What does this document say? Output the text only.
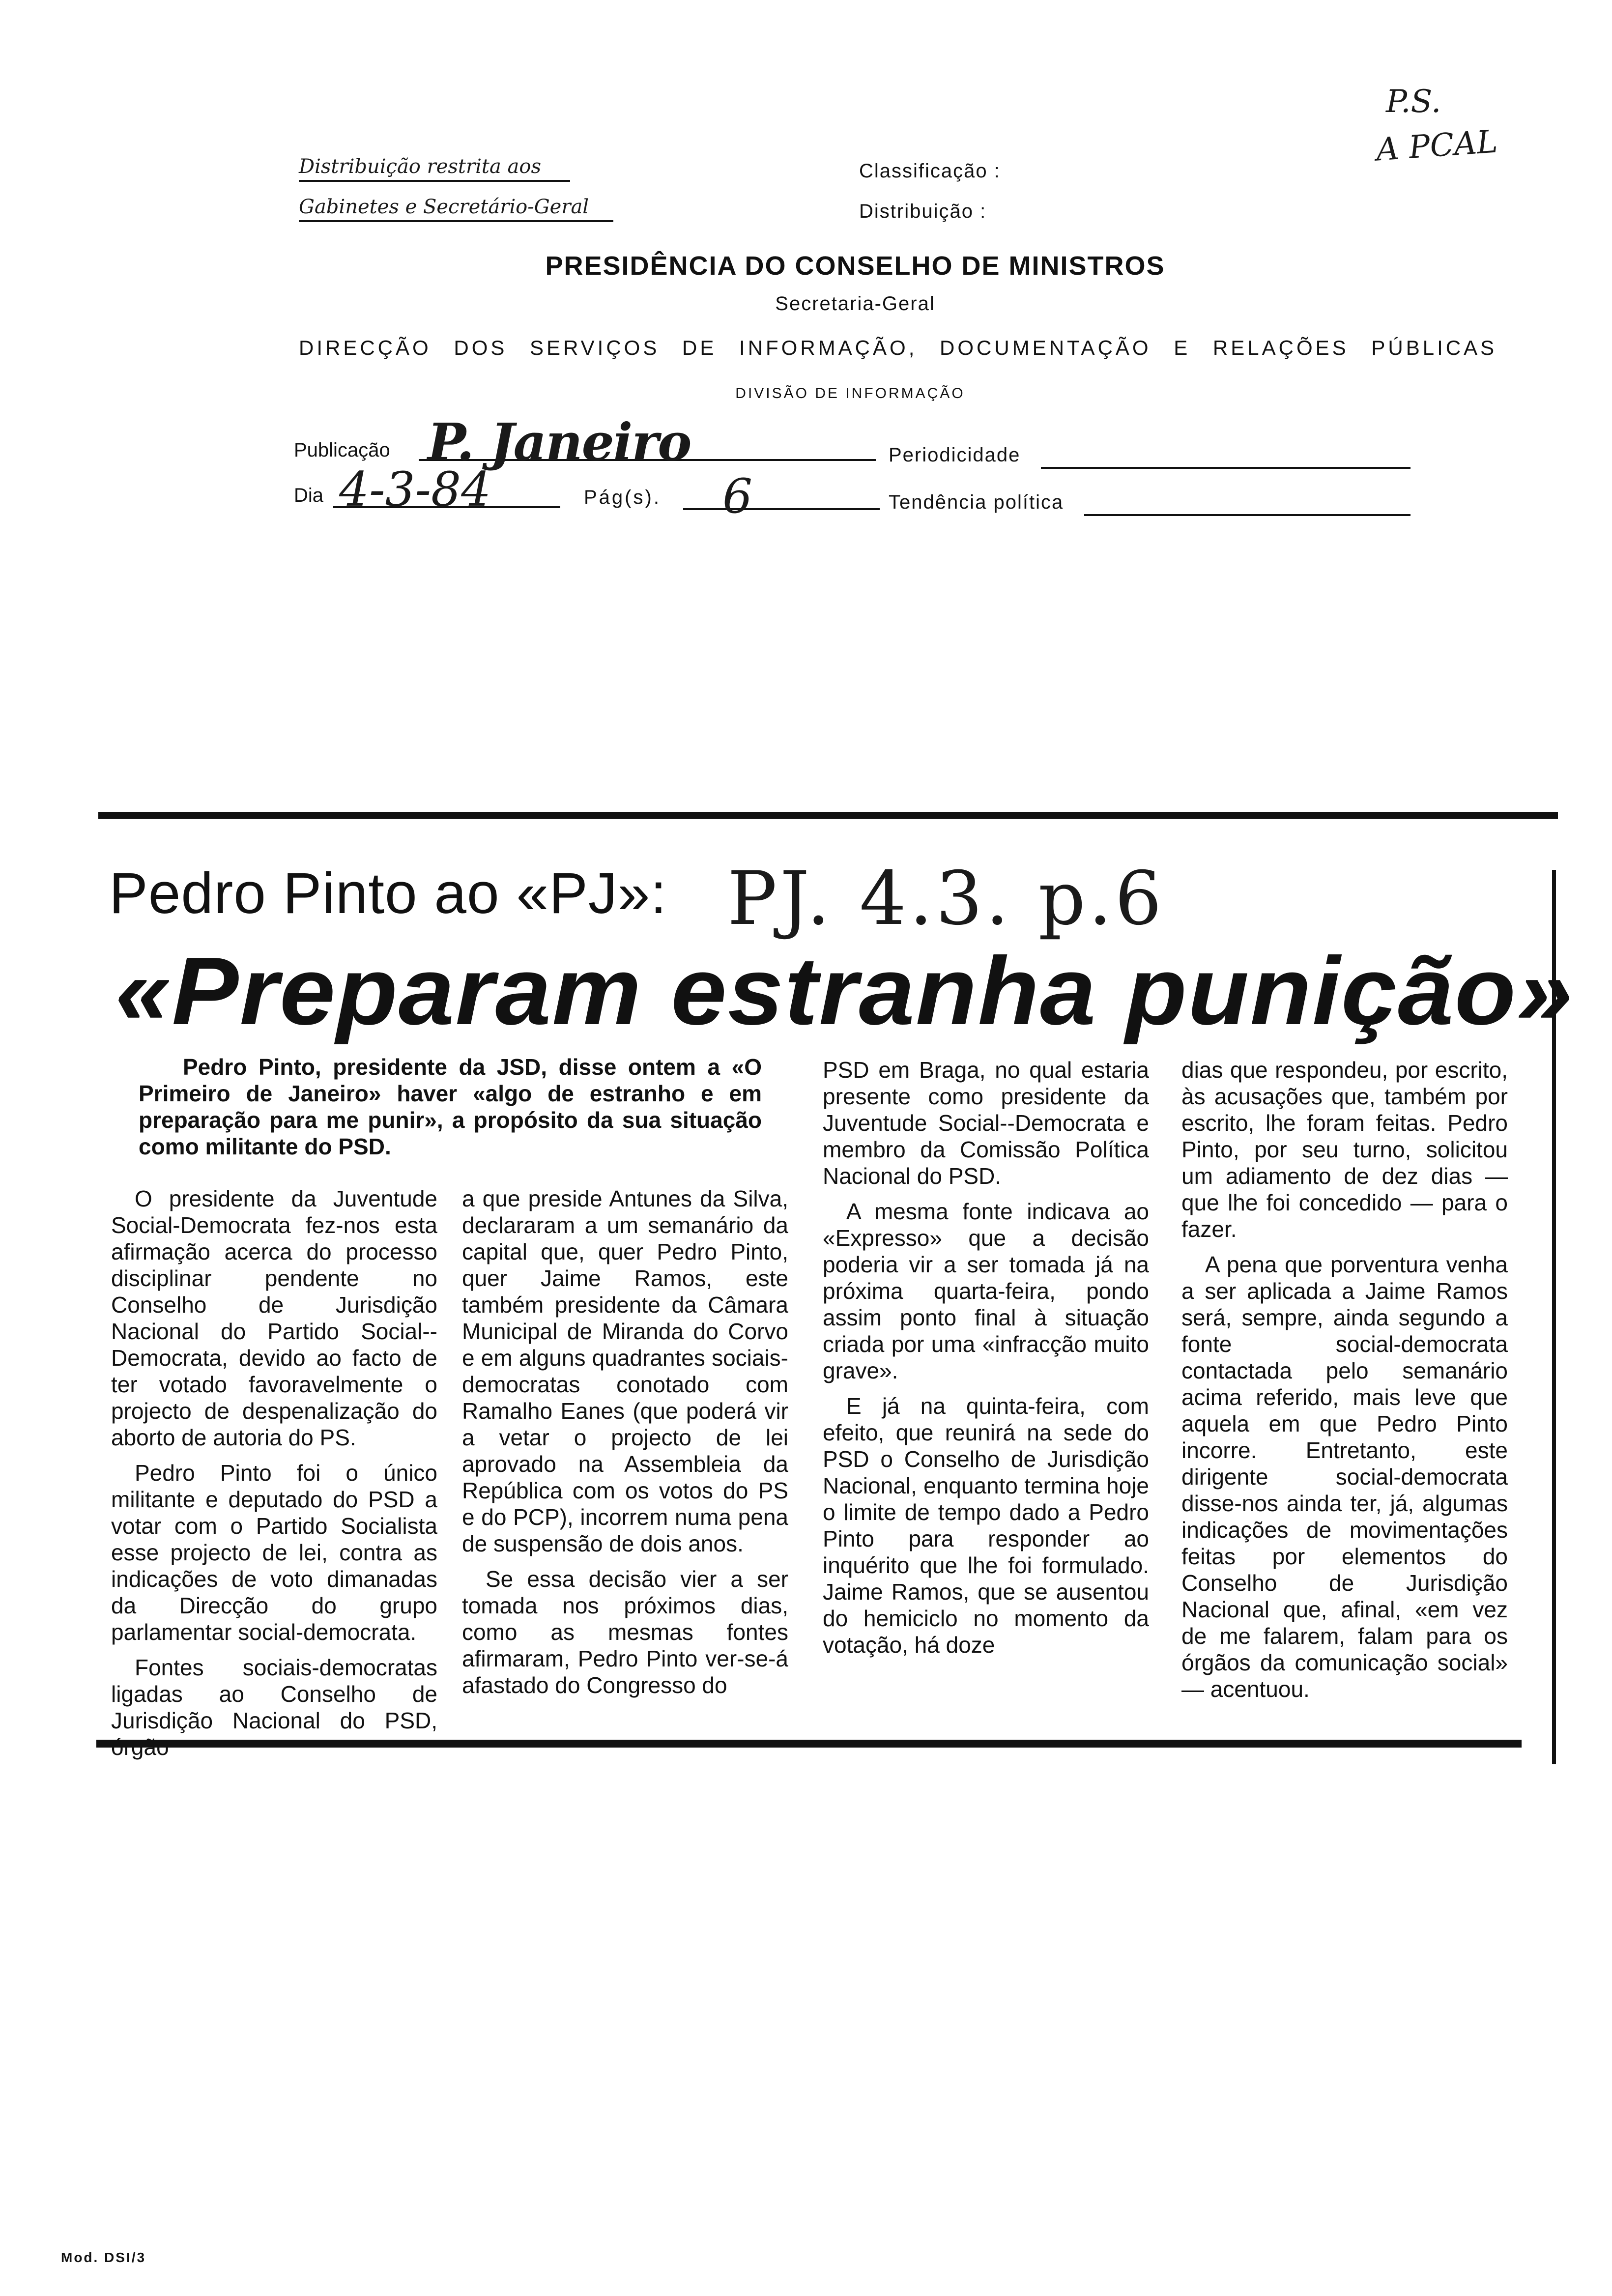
Distribuição restrita aos
Gabinetes e Secretário-Geral
Classificação :
Distribuição :
P.S.
A PCAL
PRESIDÊNCIA DO CONSELHO DE MINISTROS
Secretaria-Geral
DIRECÇÃO DOS SERVIÇOS DE INFORMAÇÃO, DOCUMENTAÇÃO E RELAÇÕES PÚBLICAS
DIVISÃO DE INFORMAÇÃO
Publicação P. Janeiro	Periodicidade
Dia 4-3-84	Pág(s). 6	Tendência política
Pedro Pinto ao «PJ»: PJ. 4.3. p.6
«Preparam estranha punição»
Pedro Pinto, presidente da JSD, disse ontem a «O Primeiro de Janeiro» haver «algo de estranho e em preparação para me punir», a propósito da sua situação como militante do PSD.

O presidente da Juventude Social-Democrata fez-nos esta afirmação acerca do processo disciplinar pendente no Conselho de Jurisdição Nacional do Partido Social--Democrata, devido ao facto de ter votado favoravelmente o projecto de despenalização do aborto de autoria do PS.

Pedro Pinto foi o único militante e deputado do PSD a votar com o Partido Socialista esse projecto de lei, contra as indicações de voto dimanadas da Direcção do grupo parlamentar social-democrata.

Fontes sociais-democratas ligadas ao Conselho de Jurisdição Nacional do PSD,

a que preside Antunes da Silva, declararam a um semanário da capital que, quer Pedro Pinto, quer Jaime Ramos, este também presidente da Câmara Municipal de Miranda do Corvo e em alguns quadrantes sociais-democratas conotado com Ramalho Eanes (que poderá vir a vetar o projecto de lei aprovado na Assembleia da República com os votos do PS e do PCP), incorrem numa pena de suspensão de dois anos.

Se essa decisão vier a ser tomada nos próximos dias, como as mesmas fontes afirmaram, Pedro Pinto ver-se-á afastado do Congresso do

PSD em Braga, no qual estaria presente como presidente da Juventude Social--Democrata e membro da Comissão Política Nacional do PSD.

A mesma fonte indicava ao «Expresso» que a decisão poderia vir a ser tomada já na próxima quarta-feira, pondo assim ponto final à situação criada por uma «infracção muito grave».

E já na quinta-feira, com efeito, que reunirá na sede do PSD o Conselho de Jurisdição Nacional, enquanto termina hoje o limite de tempo dado a Pedro Pinto para responder ao inquérito que lhe foi formulado. Jaime Ramos, que se ausentou do hemiciclo no momento da votação, há doze

dias que respondeu, por escrito, às acusações que, também por escrito, lhe foram feitas. Pedro Pinto, por seu turno, solicitou um adiamento de dez dias — que lhe foi concedido — para o fazer.

A pena que porventura venha a ser aplicada a Jaime Ramos será, sempre, ainda segundo a fonte social-democrata contactada pelo semanário acima referido, mais leve que aquela em que Pedro Pinto incorre. Entretanto, este dirigente social-democrata disse-nos ainda ter, já, algumas indicações de movimentações feitas por elementos do Conselho de Jurisdição Nacional que, afinal, «em vez de me falarem, falam para os órgãos da comunicação social» — acentuou.

Mod. DSI/3
